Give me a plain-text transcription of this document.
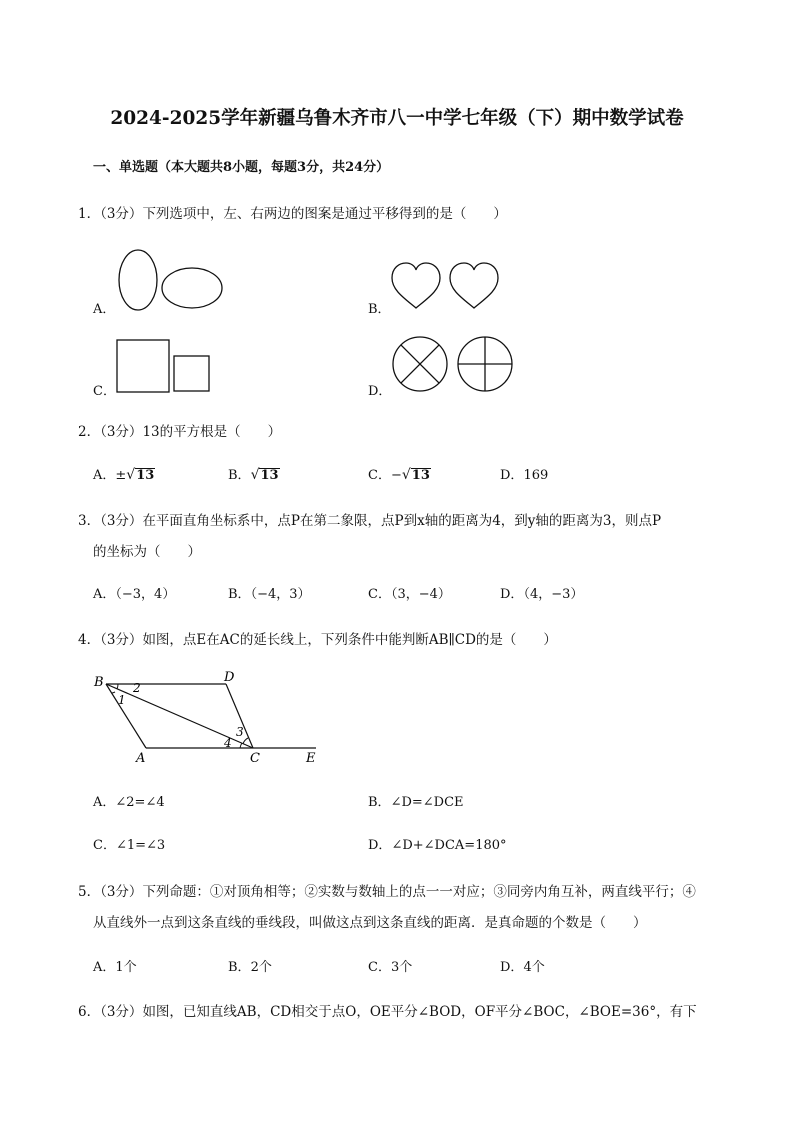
2024-2025学年新疆乌鲁木齐市八一中学七年级（下）期中数学试卷
一、单选题（本大题共8小题，每题3分，共24分）
1．（3分）下列选项中，左、右两边的图案是通过平移得到的是（　　）
A．	B．
C．	D．
2．（3分）13的平方根是（　　）
A．±√13	B．√13	C．−√13	D．169
3．（3分）在平面直角坐标系中，点P在第二象限，点P到x轴的距离为4，到y轴的距离为3，则点P
的坐标为（　　）
A．（−3，4）	B．（−4，3）	C．（3，−4）	D．（4，−3）
4．（3分）如图，点E在AC的延长线上，下列条件中能判断AB∥CD的是（　　）
B	D
A	C	E
2
1
3
4
A．∠2=∠4	B．∠D=∠DCE
C．∠1=∠3	D．∠D+∠DCA=180°
5．（3分）下列命题：①对顶角相等；②实数与数轴上的点一一对应；③同旁内角互补，两直线平行；④
从直线外一点到这条直线的垂线段，叫做这点到这条直线的距离．是真命题的个数是（　　）
A．1个	B．2个	C．3个	D．4个
6．（3分）如图，已知直线AB，CD相交于点O，OE平分∠BOD，OF平分∠BOC，∠BOE=36°，有下
